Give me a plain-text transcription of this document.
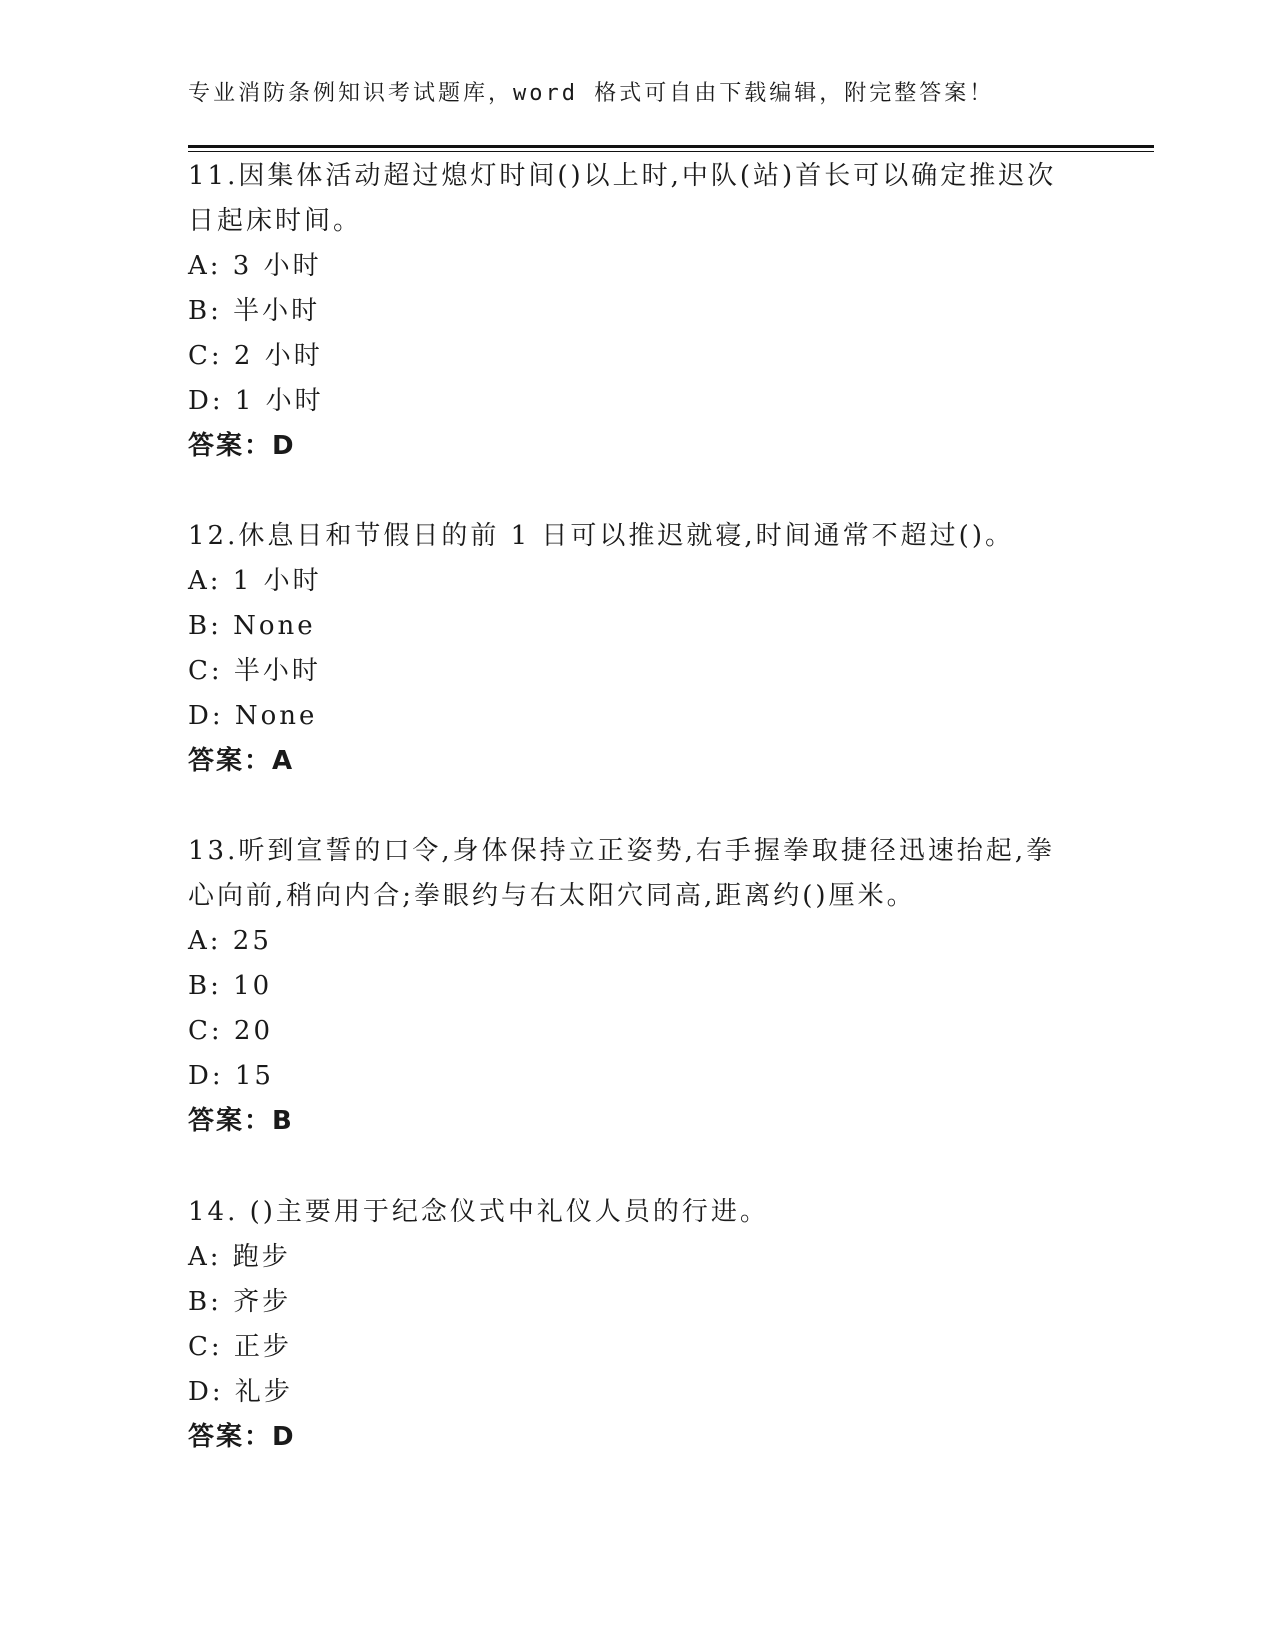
专业消防条例知识考试题库，word 格式可自由下载编辑，附完整答案！
11.因集体活动超过熄灯时间()以上时,中队(站)首长可以确定推迟次
日起床时间。
A: 3 小时
B: 半小时
C: 2 小时
D: 1 小时
答案：D
12.休息日和节假日的前 1 日可以推迟就寝,时间通常不超过()。
A: 1 小时
B: None
C: 半小时
D: None
答案：A
13.听到宣誓的口令,身体保持立正姿势,右手握拳取捷径迅速抬起,拳
心向前,稍向内合;拳眼约与右太阳穴同高,距离约()厘米。
A: 25
B: 10
C: 20
D: 15
答案：B
14. ()主要用于纪念仪式中礼仪人员的行进。
A: 跑步
B: 齐步
C: 正步
D: 礼步
答案：D
